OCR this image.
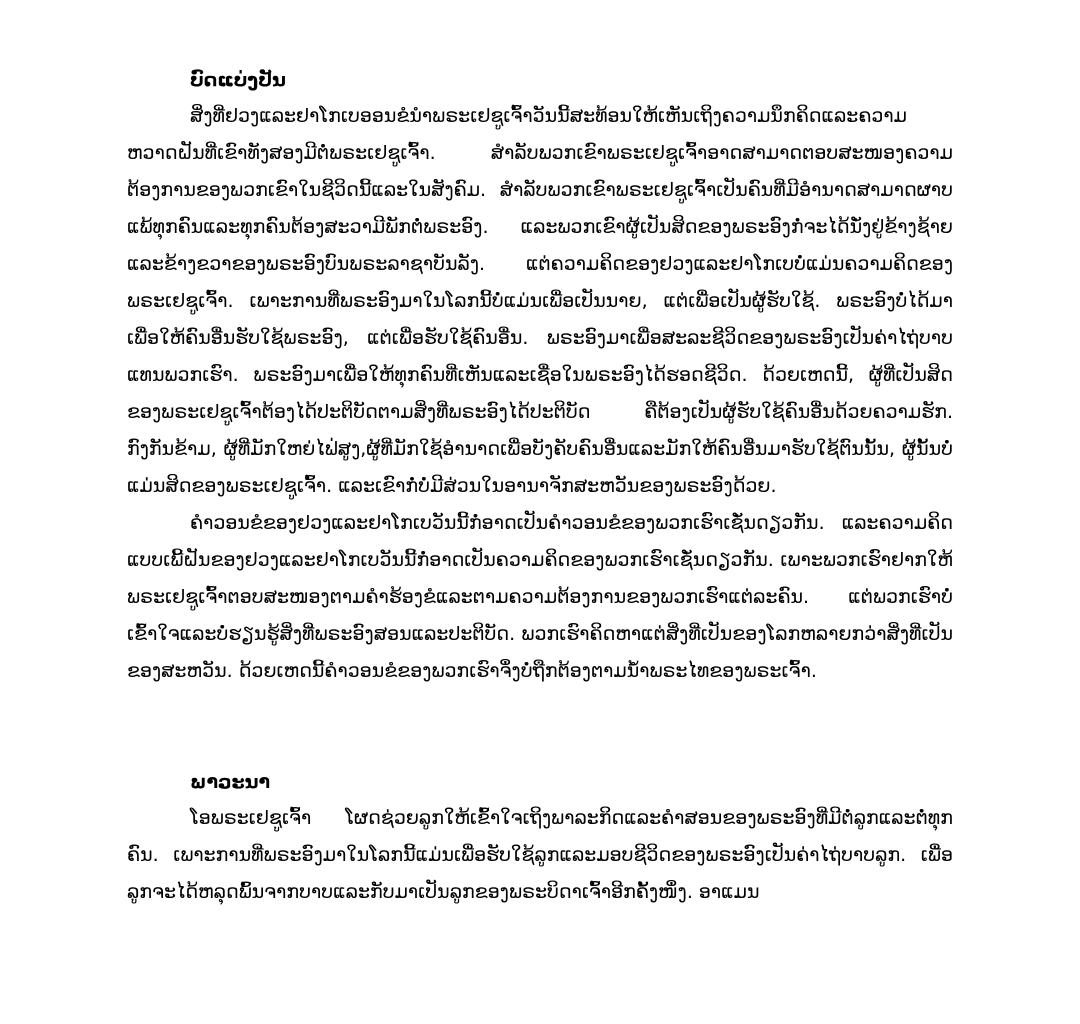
ບົດແບ່ງປັນ

ສິ່ງທີ່ຢວງແລະຢາໂກເບອອນຂໍນຳພຣະເຢຊູເຈົ້າວັນນີ້ສະທ້ອນໃຫ້ເຫັນເຖິງຄວາມນຶກຄິດແລະຄວາມຫວາດຝັນທີ່ເຂົາທັງສອງມີຕໍ່ພຣະເຢຊູເຈົ້າ. ສຳລັບພວກເຂົາພຣະເຢຊູເຈົ້າອາດສາມາດຕອບສະໜອງຄວາມຕ້ອງການຂອງພວກເຂົາໃນຊີວິດນີ້ແລະໃນສັງຄົມ. ສຳລັບພວກເຂົາພຣະເຢຊູເຈົ້າເປັນຄົນທີ່ມີອຳນາດສາມາດຜາບແພ້ທຸກຄົນແລະທຸກຄົນຕ້ອງສະວາມີພັກຕໍ່ພຣະອົງ. ແລະພວກເຂົາຜູ້ເປັນສິດຂອງພຣະອົງກໍ່ຈະໄດ້ນັ່ງຢູ່ຂ້າງຊ້າຍແລະຂ້າງຂວາຂອງພຣະອົງບົນພຣະລາຊາບັນລັງ. ແຕ່ຄວາມຄິດຂອງຢວງແລະຢາໂກເບບໍ່ແມ່ນຄວາມຄິດຂອງພຣະເຢຊູເຈົ້າ. ເພາະການທີ່ພຣະອົງມາໃນໂລກນີ້ບໍ່ແມ່ນເພື່ອເປັນນາຍ, ແຕ່ເພື່ອເປັນຜູ້ຮັບໃຊ້. ພຣະອົງບໍ່ໄດ້ມາເພື່ອໃຫ້ຄົນອື່ນຮັບໃຊ້ພຣະອົງ, ແຕ່ເພື່ອຮັບໃຊ້ຄົນອື່ນ. ພຣະອົງມາເພື່ອສະລະຊີວິດຂອງພຣະອົງເປັນຄ່າໄຖ່ບາບແທນພວກເຮົາ. ພຣະອົງມາເພື່ອໃຫ້ທຸກຄົນທີ່ເຫັນແລະເຊື່ອໃນພຣະອົງໄດ້ຮອດຊີວິດ. ດ້ວຍເຫດນີ້, ຜູ້ທີ່ເປັນສິດຂອງພຣະເຢຊູເຈົ້າຕ້ອງໄດ້ປະຕິບັດຕາມສິ່ງທີ່ພຣະອົງໄດ້ປະຕິບັດ ຄືຕ້ອງເປັນຜູ້ຮັບໃຊ້ຄົນອື່ນດ້ວຍຄວາມຮັກ. ກົງກັນຂ້າມ, ຜູ້ທີ່ມັກໃຫຍ່ໄຟ່ສູງ,ຜູ້ທີ່ມັກໃຊ້ອຳນາດເພື່ອບັງຄັບຄົນອື່ນແລະມັກໃຫ້ຄົນອື່ນມາຮັບໃຊ້ຕົນນັ້ນ, ຜູ້ນັ້ນບໍ່ແມ່ນສິດຂອງພຣະເຢຊູເຈົ້າ. ແລະເຂົາກໍ່ບໍ່ມີສ່ວນໃນອານາຈັກສະຫວັນຂອງພຣະອົງດ້ວຍ.

ຄຳວອນຂໍຂອງຢວງແລະຢາໂກເບວັນນີ້ກໍ່ອາດເປັນຄຳວອນຂໍຂອງພວກເຮົາເຊັ່ນດຽວກັນ. ແລະຄວາມຄິດແບບເພີ້ຝັນຂອງຢວງແລະຢາໂກເບວັນນີ້ກໍ່ອາດເປັນຄວາມຄິດຂອງພວກເຮົາເຊັ່ນດຽວກັນ. ເພາະພວກເຮົາຢາກໃຫ້ພຣະເຢຊູເຈົ້າຕອບສະໜອງຕາມຄຳຮ້ອງຂໍແລະຕາມຄວາມຕ້ອງການຂອງພວກເຮົາແຕ່ລະຄົນ. ແຕ່ພວກເຮົາບໍ່ເຂົ້າໃຈແລະບໍ່ຮຽນຮູ້ສິ່ງທີ່ພຣະອົງສອນແລະປະຕິບັດ. ພວກເຮົາຄິດຫາແຕ່ສິ່ງທີ່ເປັນຂອງໂລກຫລາຍກວ່າສິ່ງທີ່ເປັນຂອງສະຫວັນ. ດ້ວຍເຫດນີ້ຄຳວອນຂໍຂອງພວກເຮົາຈຶ່ງບໍ່ຖືກຕ້ອງຕາມນ້ຳພຣະໄທຂອງພຣະເຈົ້າ.

ພາວະນາ

ໂອພຣະເຢຊູເຈົ້າ ໂຜດຊ່ວຍລູກໃຫ້ເຂົ້າໃຈເຖິງພາລະກິດແລະຄຳສອນຂອງພຣະອົງທີ່ມີຕໍ່ລູກແລະຕໍ່ທຸກຄົນ. ເພາະການທີ່ພຣະອົງມາໃນໂລກນີ້ແມ່ນເພື່ອຮັບໃຊ້ລູກແລະມອບຊີວິດຂອງພຣະອົງເປັນຄ່າໄຖ່ບາບລູກ. ເພື່ອລູກຈະໄດ້ຫລຸດພົ້ນຈາກບາບແລະກັບມາເປັນລູກຂອງພຣະບິດາເຈົ້າອີກຄັ້ງໜຶ່ງ. ອາແມນ
